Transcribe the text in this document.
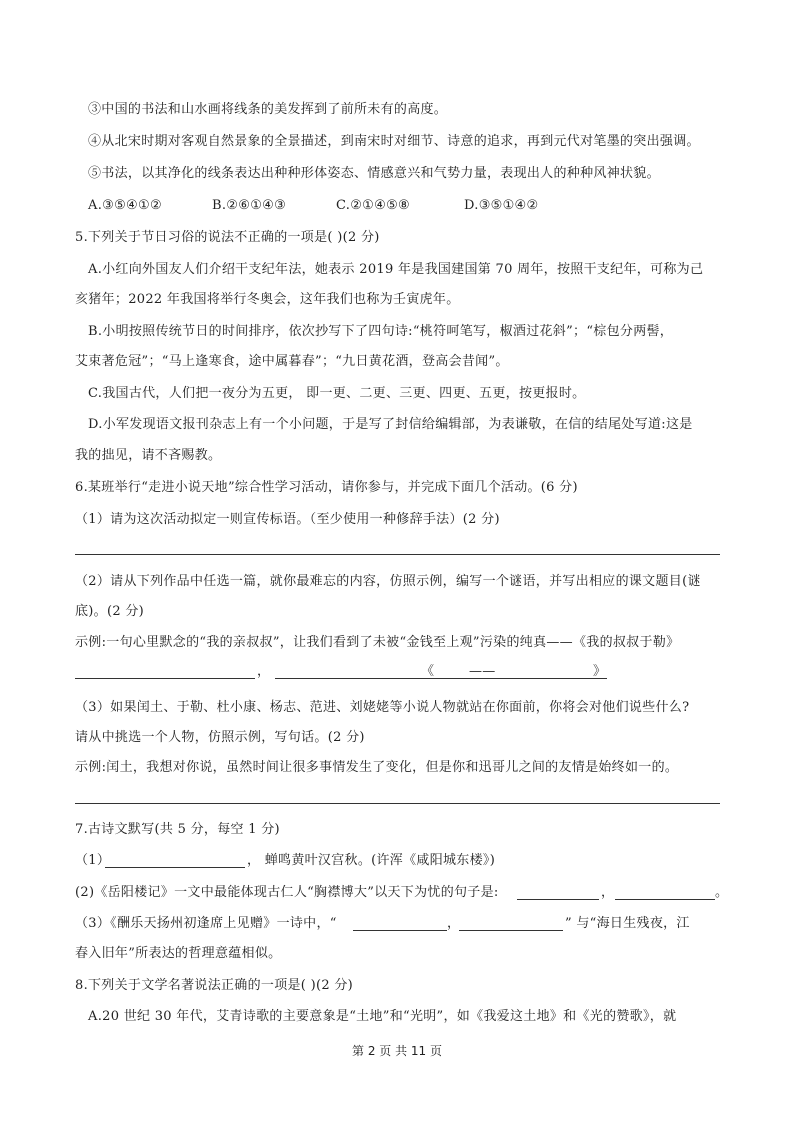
③中国的书法和山水画将线条的美发挥到了前所未有的高度。
④从北宋时期对客观自然景象的全景描述，到南宋时对细节、诗意的追求，再到元代对笔墨的突出强调。
⑤书法，以其净化的线条表达出种种形体姿态、情感意兴和气势力量，表现出人的种种风神状貌。
A.③⑤④①②	B.②⑥①④③	C.②①④⑤⑧	D.③⑤①④②
5.下列关于节日习俗的说法不正确的一项是( )(2 分)
A.小红向外国友人们介绍干支纪年法，她表示 2019 年是我国建国第 70 周年，按照干支纪年，可称为己
亥猪年；2022 年我国将举行冬奥会，这年我们也称为壬寅虎年。
B.小明按照传统节日的时间排序，依次抄写下了四句诗:“桃符呵笔写，椒酒过花斜”；“棕包分两髻，
艾束著危冠”；“马上逢寒食，途中属暮春”；“九日黄花酒，登高会昔闻”。
C.我国古代，人们把一夜分为五更， 即一更、二更、三更、四更、五更，按更报时。
D.小军发现语文报刊杂志上有一个小问题，于是写了封信给编辑部，为表谦敬，在信的结尾处写道:这是
我的拙见，请不吝赐教。
6.某班举行“走进小说天地”综合性学习活动，请你参与，并完成下面几个活动。(6 分)
（1）请为这次活动拟定一则宣传标语。（至少使用一种修辞手法）(2 分)
（2）请从下列作品中任选一篇，就你最难忘的内容，仿照示例，编写一个谜语，并写出相应的课文题目(谜
底)。(2 分)
示例:一句心里默念的“我的亲叔叔”，让我们看到了未被“金钱至上观”污染的纯真——《我的叔叔于勒》
，	——
《	》
（3）如果闰土、于勒、杜小康、杨志、范进、刘姥姥等小说人物就站在你面前，你将会对他们说些什么?
请从中挑选一个人物，仿照示例，写句话。(2 分)
示例:闰土，我想对你说，虽然时间让很多事情发生了变化，但是你和迅哥儿之间的友情是始终如一的。
7.古诗文默写(共 5 分，每空 1 分)
（1）	， 蝉鸣黄叶汉宫秋。(许浑《咸阳城东楼》)
(2)《岳阳楼记》一文中最能体现古仁人“胸襟博大”以天下为忧的句子是:	，	。
（3）《酬乐天扬州初逢席上见赠》一诗中，“	，	” 与“海日生残夜，江
春入旧年”所表达的哲理意蕴相似。
8.下列关于文学名著说法正确的一项是( )(2 分)
A.20 世纪 30 年代，艾青诗歌的主要意象是“土地”和“光明”，如《我爱这土地》和《光的赞歌》，就
第 2 页 共 11 页
